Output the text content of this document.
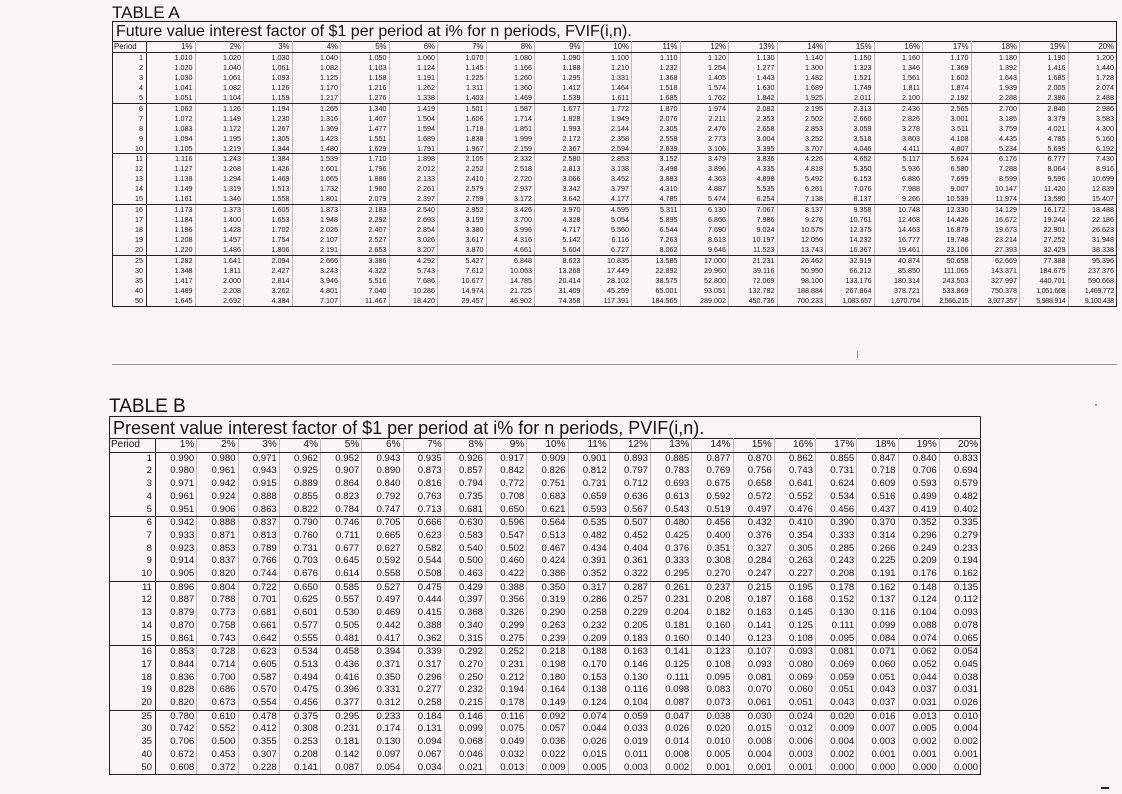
TABLE A
Future value interest factor of $1 per period at i% for n periods, FVIF(i,n).
Period	1%	2%	3%	4%	5%	6%	7%	8%	9%	10%	11%	12%	13%	14%	15%	16%	17%	18%	19%	20%
1	1.010	1.020	1.030	1.040	1.050	1.060	1.070	1.080	1.090	1.100	1.110	1.120	1.130	1.140	1.150	1.160	1.170	1.180	1.190	1.200
2	1.020	1.040	1.061	1.082	1.103	1.124	1.145	1.166	1.188	1.210	1.232	1.254	1.277	1.300	1.323	1.346	1.369	1.392	1.416	1.440
3	1.030	1.061	1.093	1.125	1.158	1.191	1.225	1.260	1.295	1.331	1.368	1.405	1.443	1.482	1.521	1.561	1.602	1.643	1.685	1.728
4	1.041	1.082	1.126	1.170	1.216	1.262	1.311	1.360	1.412	1.464	1.518	1.574	1.630	1.689	1.749	1.811	1.874	1.939	2.005	2.074
5	1.051	1.104	1.159	1.217	1.276	1.338	1.403	1.469	1.539	1.611	1.685	1.762	1.842	1.925	2.011	2.100	2.192	2.288	2.386	2.488
6	1.062	1.126	1.194	1.265	1.340	1.419	1.501	1.587	1.677	1.772	1.870	1.974	2.082	2.195	2.313	2.436	2.565	2.700	2.840	2.986
7	1.072	1.149	1.230	1.316	1.407	1.504	1.606	1.714	1.828	1.949	2.076	2.211	2.353	2.502	2.660	2.826	3.001	3.185	3.379	3.583
8	1.083	1.172	1.267	1.369	1.477	1.594	1.718	1.851	1.993	2.144	2.305	2.476	2.658	2.853	3.059	3.278	3.511	3.759	4.021	4.300
9	1.094	1.195	1.305	1.423	1.551	1.689	1.838	1.999	2.172	2.358	2.558	2.773	3.004	3.252	3.518	3.803	4.108	4.435	4.785	5.160
10	1.105	1.219	1.344	1.480	1.629	1.791	1.967	2.159	2.367	2.594	2.839	3.106	3.395	3.707	4.046	4.411	4.807	5.234	5.695	6.192
11	1.116	1.243	1.384	1.539	1.710	1.898	2.105	2.332	2.580	2.853	3.152	3.479	3.836	4.226	4.652	5.117	5.624	6.176	6.777	7.430
12	1.127	1.268	1.426	1.601	1.796	2.012	2.252	2.518	2.813	3.138	3.498	3.896	4.335	4.818	5.350	5.936	6.580	7.288	8.064	8.916
13	1.138	1.294	1.469	1.665	1.886	2.133	2.410	2.720	3.066	3.452	3.883	4.363	4.898	5.492	6.153	6.886	7.699	8.599	9.596	10.699
14	1.149	1.319	1.513	1.732	1.980	2.261	2.579	2.937	3.342	3.797	4.310	4.887	5.535	6.261	7.076	7.988	9.007	10.147	11.420	12.839
15	1.161	1.346	1.558	1.801	2.079	2.397	2.759	3.172	3.642	4.177	4.785	5.474	6.254	7.138	8.137	9.266	10.539	11.974	13.590	15.407
16	1.173	1.373	1.605	1.873	2.183	2.540	2.952	3.426	3.970	4.595	5.311	6.130	7.067	8.137	9.358	10.748	12.330	14.129	16.172	18.488
17	1.184	1.400	1.653	1.948	2.292	2.693	3.159	3.700	4.328	5.054	5.895	6.866	7.986	9.276	10.761	12.468	14.426	16.672	19.244	22.186
18	1.196	1.428	1.702	2.026	2.407	2.854	3.380	3.996	4.717	5.560	6.544	7.690	9.024	10.575	12.375	14.463	16.879	19.673	22.901	26.623
19	1.208	1.457	1.754	2.107	2.527	3.026	3.617	4.316	5.142	6.116	7.263	8.613	10.197	12.056	14.232	16.777	19.748	23.214	27.252	31.948
20	1.220	1.486	1.806	2.191	2.653	3.207	3.870	4.661	5.604	6.727	8.062	9.646	11.523	13.743	16.367	19.461	23.106	27.393	32.429	38.338
25	1.282	1.641	2.094	2.666	3.386	4.292	5.427	6.848	8.623	10.835	13.585	17.000	21.231	26.462	32.919	40.874	50.658	62.669	77.388	95.396
30	1.348	1.811	2.427	3.243	4.322	5.743	7.612	10.063	13.268	17.449	22.892	29.960	39.116	50.950	66.212	85.850	111.065	143.371	184.675	237.376
35	1.417	2.000	2.814	3.946	5.516	7.686	10.677	14.785	20.414	28.102	38.575	52.800	72.069	98.100	133.176	180.314	243.503	327.997	440.701	590.668
40	1.489	2.208	3.262	4.801	7.040	10.286	14.974	21.725	31.409	45.259	65.001	93.051	132.782	188.884	267.864	378.721	533.869	750.378	1,051.668	1,469.772
50	1.645	2.692	4.384	7.107	11.467	18.420	29.457	46.902	74.358	117.391	184.565	289.002	450.736	700.233	1,083.657	1,670.704	2,566.215	3,927.357	5,988.914	9,100.438
TABLE B
Present value interest factor of $1 per period at i% for n periods, PVIF(i,n).
Period	1%	2%	3%	4%	5%	6%	7%	8%	9%	10%	11%	12%	13%	14%	15%	16%	17%	18%	19%	20%
1	0.990	0.980	0.971	0.962	0.952	0.943	0.935	0.926	0.917	0.909	0.901	0.893	0.885	0.877	0.870	0.862	0.855	0.847	0.840	0.833
2	0.980	0.961	0.943	0.925	0.907	0.890	0.873	0.857	0.842	0.826	0.812	0.797	0.783	0.769	0.756	0.743	0.731	0.718	0.706	0.694
3	0.971	0.942	0.915	0.889	0.864	0.840	0.816	0.794	0.772	0.751	0.731	0.712	0.693	0.675	0.658	0.641	0.624	0.609	0.593	0.579
4	0.961	0.924	0.888	0.855	0.823	0.792	0.763	0.735	0.708	0.683	0.659	0.636	0.613	0.592	0.572	0.552	0.534	0.516	0.499	0.482
5	0.951	0.906	0.863	0.822	0.784	0.747	0.713	0.681	0.650	0.621	0.593	0.567	0.543	0.519	0.497	0.476	0.456	0.437	0.419	0.402
6	0.942	0.888	0.837	0.790	0.746	0.705	0.666	0.630	0.596	0.564	0.535	0.507	0.480	0.456	0.432	0.410	0.390	0.370	0.352	0.335
7	0.933	0.871	0.813	0.760	0.711	0.665	0.623	0.583	0.547	0.513	0.482	0.452	0.425	0.400	0.376	0.354	0.333	0.314	0.296	0.279
8	0.923	0.853	0.789	0.731	0.677	0.627	0.582	0.540	0.502	0.467	0.434	0.404	0.376	0.351	0.327	0.305	0.285	0.266	0.249	0.233
9	0.914	0.837	0.766	0.703	0.645	0.592	0.544	0.500	0.460	0.424	0.391	0.361	0.333	0.308	0.284	0.263	0.243	0.225	0.209	0.194
10	0.905	0.820	0.744	0.676	0.614	0.558	0.508	0.463	0.422	0.386	0.352	0.322	0.295	0.270	0.247	0.227	0.208	0.191	0.176	0.162
11	0.896	0.804	0.722	0.650	0.585	0.527	0.475	0.429	0.388	0.350	0.317	0.287	0.261	0.237	0.215	0.195	0.178	0.162	0.148	0.135
12	0.887	0.788	0.701	0.625	0.557	0.497	0.444	0.397	0.356	0.319	0.286	0.257	0.231	0.208	0.187	0.168	0.152	0.137	0.124	0.112
13	0.879	0.773	0.681	0.601	0.530	0.469	0.415	0.368	0.326	0.290	0.258	0.229	0.204	0.182	0.163	0.145	0.130	0.116	0.104	0.093
14	0.870	0.758	0.661	0.577	0.505	0.442	0.388	0.340	0.299	0.263	0.232	0.205	0.181	0.160	0.141	0.125	0.111	0.099	0.088	0.078
15	0.861	0.743	0.642	0.555	0.481	0.417	0.362	0.315	0.275	0.239	0.209	0.183	0.160	0.140	0.123	0.108	0.095	0.084	0.074	0.065
16	0.853	0.728	0.623	0.534	0.458	0.394	0.339	0.292	0.252	0.218	0.188	0.163	0.141	0.123	0.107	0.093	0.081	0.071	0.062	0.054
17	0.844	0.714	0.605	0.513	0.436	0.371	0.317	0.270	0.231	0.198	0.170	0.146	0.125	0.108	0.093	0.080	0.069	0.060	0.052	0.045
18	0.836	0.700	0.587	0.494	0.416	0.350	0.296	0.250	0.212	0.180	0.153	0.130	0.111	0.095	0.081	0.069	0.059	0.051	0.044	0.038
19	0.828	0.686	0.570	0.475	0.396	0.331	0.277	0.232	0.194	0.164	0.138	0.116	0.098	0.083	0.070	0.060	0.051	0.043	0.037	0.031
20	0.820	0.673	0.554	0.456	0.377	0.312	0.258	0.215	0.178	0.149	0.124	0.104	0.087	0.073	0.061	0.051	0.043	0.037	0.031	0.026
25	0.780	0.610	0.478	0.375	0.295	0.233	0.184	0.146	0.116	0.092	0.074	0.059	0.047	0.038	0.030	0.024	0.020	0.016	0.013	0.010
30	0.742	0.552	0.412	0.308	0.231	0.174	0.131	0.099	0.075	0.057	0.044	0.033	0.026	0.020	0.015	0.012	0.009	0.007	0.005	0.004
35	0.706	0.500	0.355	0.253	0.181	0.130	0.094	0.068	0.049	0.036	0.026	0.019	0.014	0.010	0.008	0.006	0.004	0.003	0.002	0.002
40	0.672	0.453	0.307	0.208	0.142	0.097	0.067	0.046	0.032	0.022	0.015	0.011	0.008	0.005	0.004	0.003	0.002	0.001	0.001	0.001
50	0.608	0.372	0.228	0.141	0.087	0.054	0.034	0.021	0.013	0.009	0.005	0.003	0.002	0.001	0.001	0.001	0.000	0.000	0.000	0.000
